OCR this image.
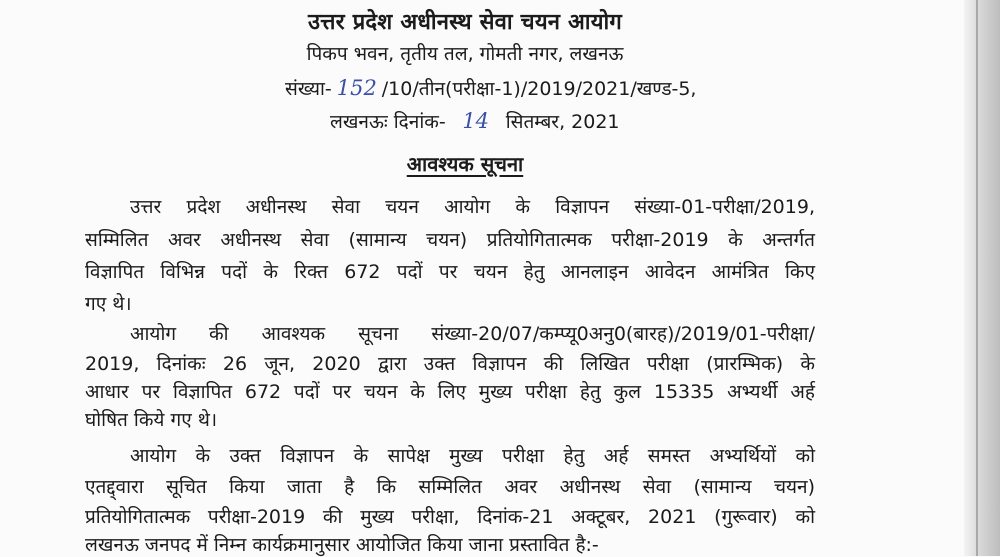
उत्तर प्रदेश अधीनस्थ सेवा चयन आयोग
पिकप भवन, तृतीय तल, गोमती नगर, लखनऊ
संख्या- 152 /10/तीन(परीक्षा-1)/2019/2021/खण्ड-5,
लखनऊः दिनांक- 14 सितम्बर, 2021
आवश्यक सूचना
उत्तर प्रदेश अधीनस्थ सेवा चयन आयोग के विज्ञापन संख्या-01-परीक्षा/2019,
सम्मिलित अवर अधीनस्थ सेवा (सामान्य चयन) प्रतियोगितात्मक परीक्षा-2019 के अन्तर्गत
विज्ञापित विभिन्न पदों के रिक्त 672 पदों पर चयन हेतु आनलाइन आवेदन आमंत्रित किए
गए थे।
आयोग की आवश्यक सूचना संख्या-20/07/कम्प्यू0अनु0(बारह)/2019/01-परीक्षा/
2019, दिनांकः 26 जून, 2020 द्वारा उक्त विज्ञापन की लिखित परीक्षा (प्रारम्भिक) के
आधार पर विज्ञापित 672 पदों पर चयन के लिए मुख्य परीक्षा हेतु कुल 15335 अभ्यर्थी अर्ह
घोषित किये गए थे।
आयोग के उक्त विज्ञापन के सापेक्ष मुख्य परीक्षा हेतु अर्ह समस्त अभ्यर्थियों को
एतद्द्वारा सूचित किया जाता है कि सम्मिलित अवर अधीनस्थ सेवा (सामान्य चयन)
प्रतियोगितात्मक परीक्षा-2019 की मुख्य परीक्षा, दिनांक-21 अक्टूबर, 2021 (गुरूवार) को
लखनऊ जनपद में निम्न कार्यक्रमानुसार आयोजित किया जाना प्रस्तावित है:-
